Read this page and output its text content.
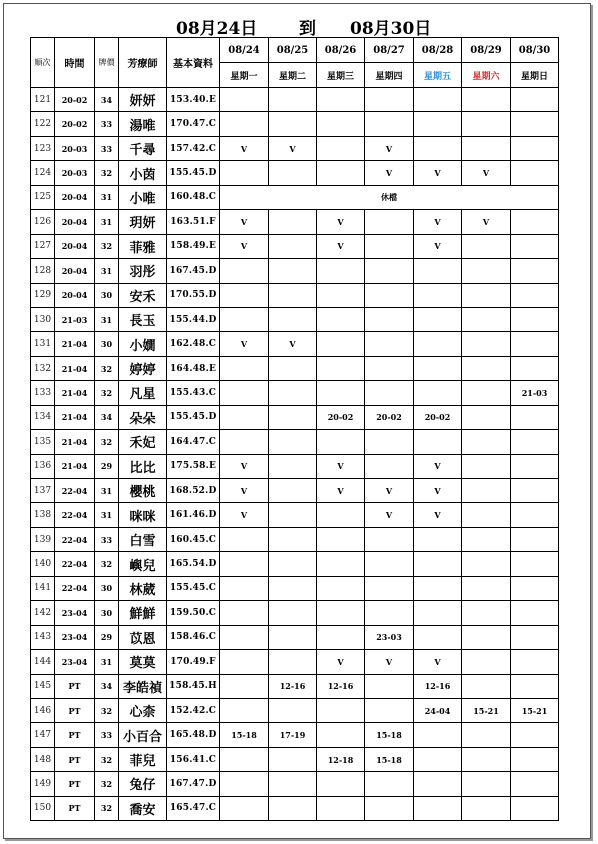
08月24日 到 08月30日
順次	時間	牌價	芳療師	基本資料	08/24	08/25	08/26	08/27	08/28	08/29	08/30
					星期一	星期二	星期三	星期四	星期五	星期六	星期日
121	20-02	34	妍妍	153.40.E							
122	20-02	33	湯唯	170.47.C							
123	20-03	33	千尋	157.42.C	V	V		V			
124	20-03	32	小茵	155.45.D				V	V	V	
125	20-04	31	小唯	160.48.C	休檔						
126	20-04	31	玥妍	163.51.F	V		V		V	V	
127	20-04	32	菲雅	158.49.E	V		V		V		
128	20-04	31	羽彤	167.45.D							
129	20-04	30	安禾	170.55.D							
130	21-03	31	長玉	155.44.D							
131	21-04	30	小嫺	162.48.C	V	V					
132	21-04	32	婷婷	164.48.E							
133	21-04	32	凡星	155.43.C							21-03
134	21-04	34	朵朵	155.45.D			20-02	20-02	20-02		
135	21-04	32	禾妃	164.47.C							
136	21-04	29	比比	175.58.E	V		V		V		
137	22-04	31	櫻桃	168.52.D	V		V	V	V		
138	22-04	31	咪咪	161.46.D	V			V	V		
139	22-04	33	白雪	160.45.C							
140	22-04	32	嶼兒	165.54.D							
141	22-04	30	林葳	155.45.C							
142	23-04	30	鮮鮮	159.50.C							
143	23-04	29	苡恩	158.46.C				23-03			
144	23-04	31	莫莫	170.49.F			V	V	V		
145	PT	34	李皓禎	158.45.H		12-16	12-16		12-16		
146	PT	32	心柰	152.42.C					24-04	15-21	15-21
147	PT	33	小百合	165.48.D	15-18	17-19		15-18			
148	PT	32	菲兒	156.41.C			12-18	15-18			
149	PT	32	兔仔	167.47.D							
150	PT	32	喬安	165.47.C							
